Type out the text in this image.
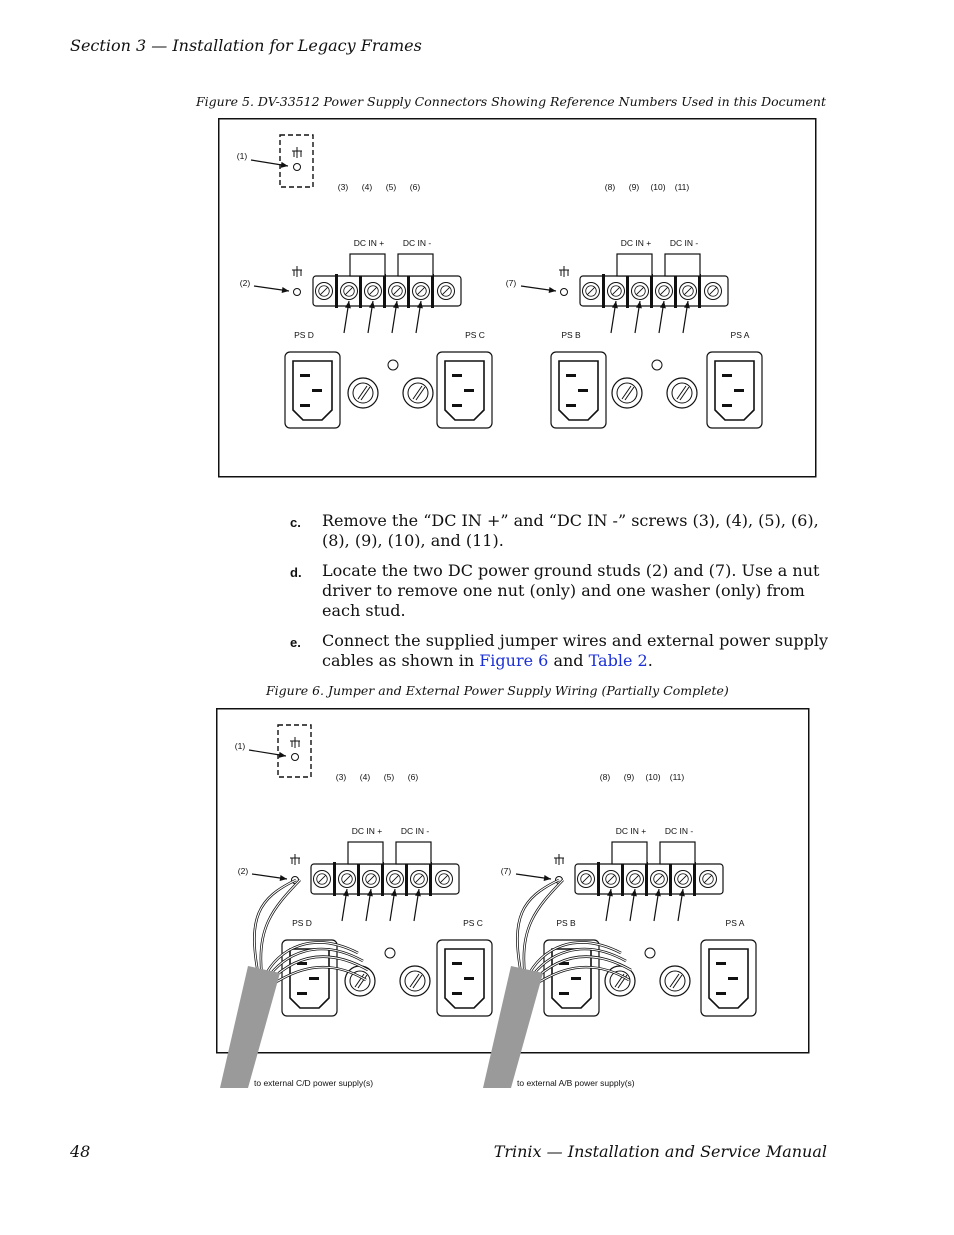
Section 3 — Installation for Legacy Frames
Figure 5. DV-33512 Power Supply Connectors Showing Reference Numbers Used in this Document
(1)
(2)
DC IN + DC IN -
(3) (4) (5) (6)
PS D	PS C
(7)
DC IN + DC IN -
(8) (9) (10) (11)
PS B	PS A
c.	Remove the “DC IN +” and “DC IN -” screws (3), (4), (5), (6), (8), (9), (10), and (11).
d.	Locate the two DC power ground studs (2) and (7). Use a nut driver to remove one nut (only) and one washer (only) from each stud.
e.	Connect the supplied jumper wires and external power supply cables as shown in Figure 6 and Table 2.
Figure 6. Jumper and External Power Supply Wiring (Partially Complete)
(1)
(2)
DC IN + DC IN -
(3) (4) (5) (6)
PS D	PS C
(7)
DC IN + DC IN -
(8) (9) (10) (11)
PS B	PS A
to external C/D power supply(s)	to external A/B power supply(s)
48	Trinix — Installation and Service Manual
